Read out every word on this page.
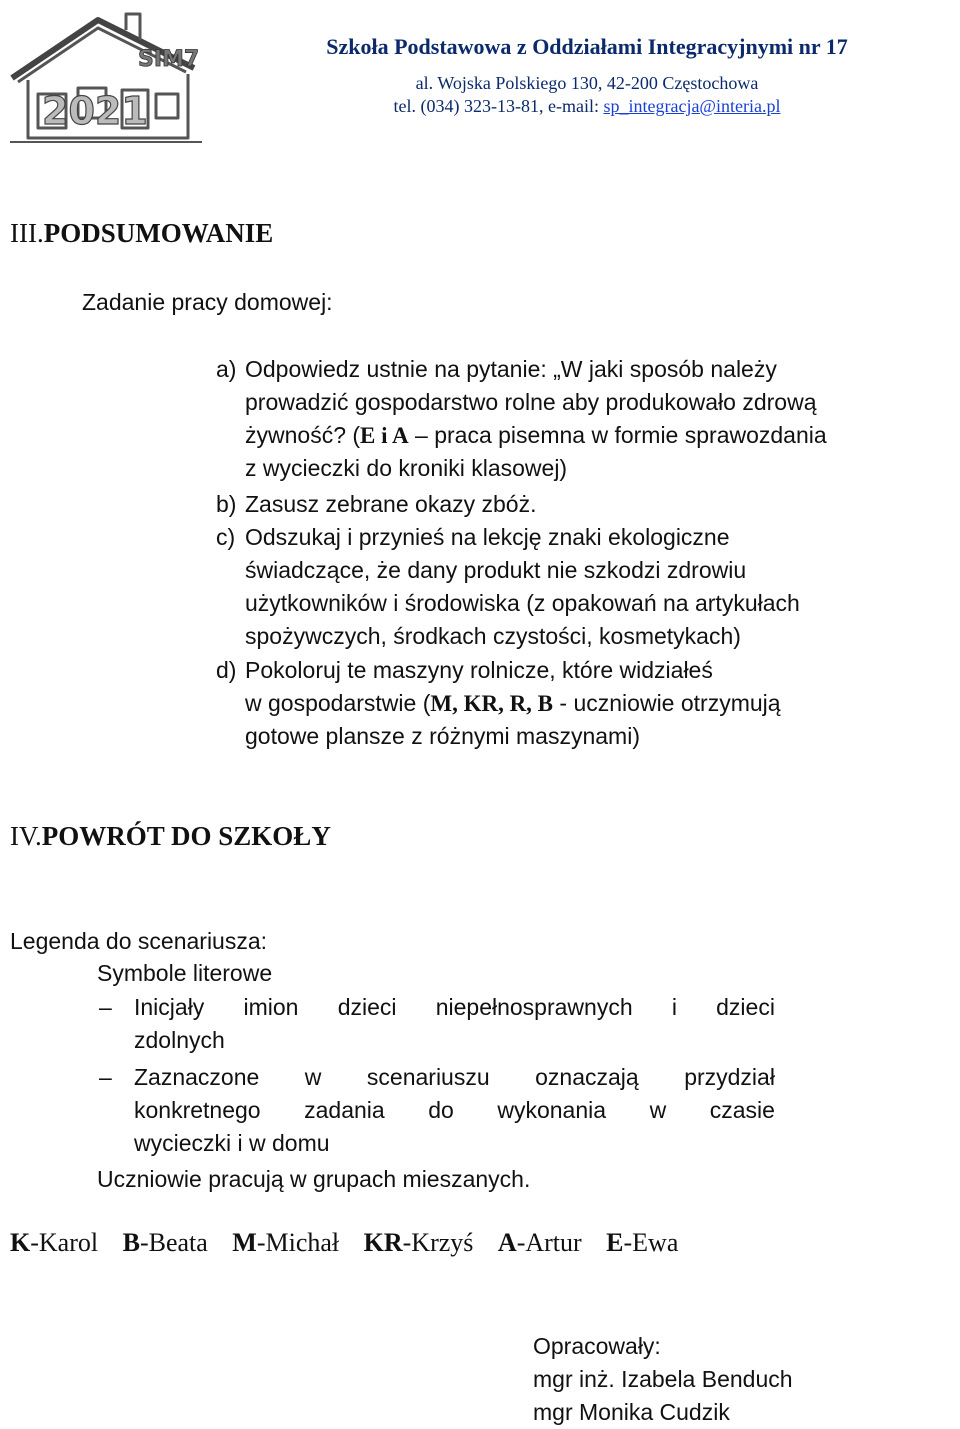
SIM7
2021
Szkoła Podstawowa z Oddziałami Integracyjnymi nr 17
al. Wojska Polskiego 130, 42-200 Częstochowa
tel. (034) 323-13-81, e-mail: sp_integracja@interia.pl
III.PODSUMOWANIE
Zadanie pracy domowej:
a) Odpowiedz ustnie na pytanie: „W jaki sposób należy
prowadzić gospodarstwo rolne aby produkowało zdrową
żywność? (E i A – praca pisemna w formie sprawozdania
z wycieczki do kroniki klasowej)
b) Zasusz zebrane okazy zbóż.
c) Odszukaj i przynieś na lekcję znaki ekologiczne
świadczące, że dany produkt nie szkodzi zdrowiu
użytkowników i środowiska (z opakowań na artykułach
spożywczych, środkach czystości, kosmetykach)
d) Pokoloruj te maszyny rolnicze, które widziałeś
w gospodarstwie (M, KR, R, B - uczniowie otrzymują
gotowe plansze z różnymi maszynami)
IV.POWRÓT DO SZKOŁY
Legenda do scenariusza:
Symbole literowe
– Inicjały imion dzieci niepełnosprawnych i dzieci
zdolnych
– Zaznaczone w scenariuszu oznaczają przydział
konkretnego zadania do wykonania w czasie
wycieczki i w domu
Uczniowie pracują w grupach mieszanych.
K-Karol B-Beata M-Michał KR-Krzyś A-Artur E-Ewa
Opracowały:
mgr inż. Izabela Benduch
mgr Monika Cudzik
